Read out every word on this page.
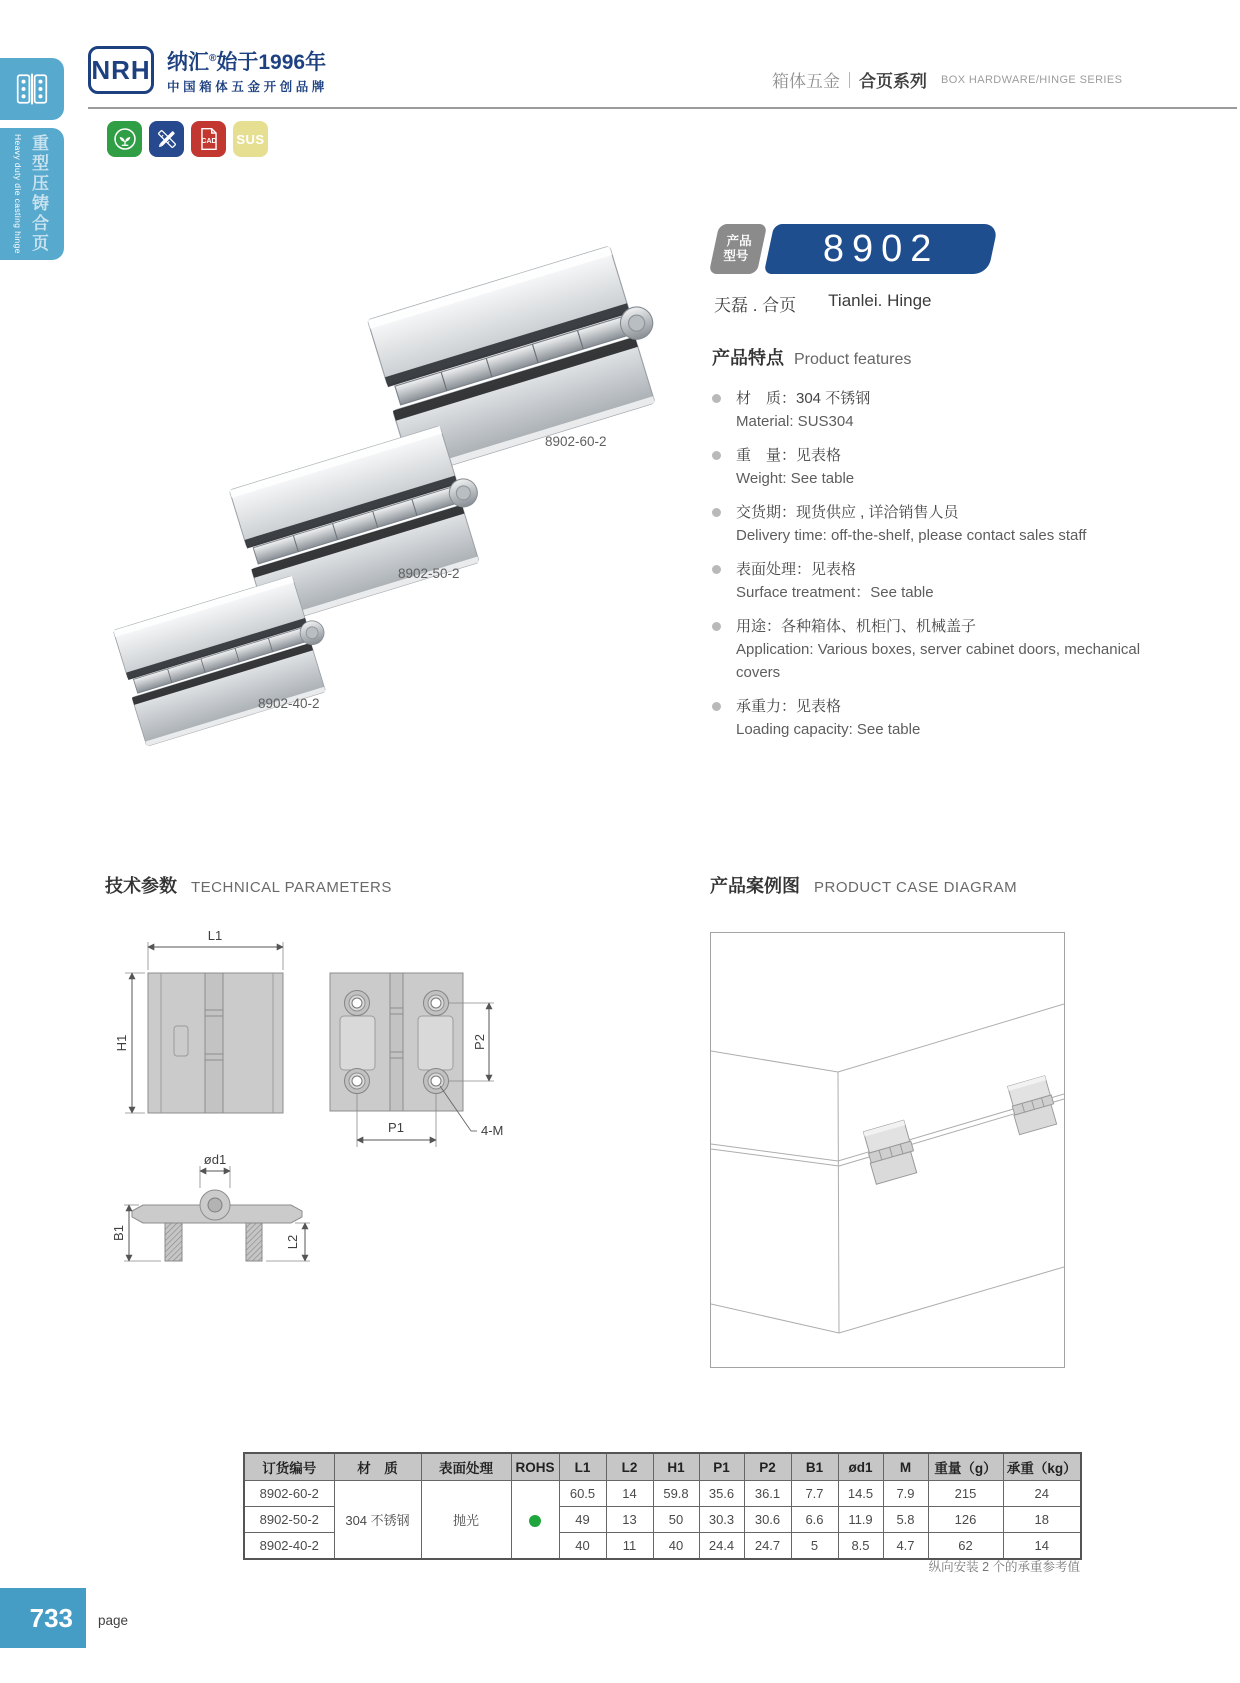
Heavy duty die casting hinge 重型压铸合页
NRH 纳汇®始于1996年
中国箱体五金开创品牌	箱体五金 合页系列 BOX HARDWARE/HINGE SERIES
CAD SUS
8902-60-2
8902-50-2
8902-40-2
产品
型号 8902
天磊 . 合页 Tianlei. Hinge
产品特点 Product features
材　质：304 不锈钢
Material: SUS304
重　量：见表格
Weight: See table
交货期：现货供应 , 详洽销售人员
Delivery time: off-the-shelf, please contact sales staff
表面处理：见表格
Surface treatment：See table
用途：各种箱体、机柜门、机械盖子
Application: Various boxes, server cabinet doors, mechanical covers
承重力：见表格
Loading capacity: See table
技术参数 TECHNICAL PARAMETERS	产品案例图 PRODUCT CASE DIAGRAM
L1
H1	P2
P1	4-M
ød1
B1
L2
订货编号	材　质	表面处理	ROHS	L1	L2	H1	P1	P2	B1	ød1	M	重量（g）	承重（kg）
8902-60-2	304 不锈钢	抛光		60.5	14	59.8	35.6	36.1	7.7	14.5	7.9	215	24
8902-50-2				49	13	50	30.3	30.6	6.6	11.9	5.8	126	18
8902-40-2				40	11	40	24.4	24.7	5	8.5	4.7	62	14
纵向安装 2 个的承重参考值
733	page
